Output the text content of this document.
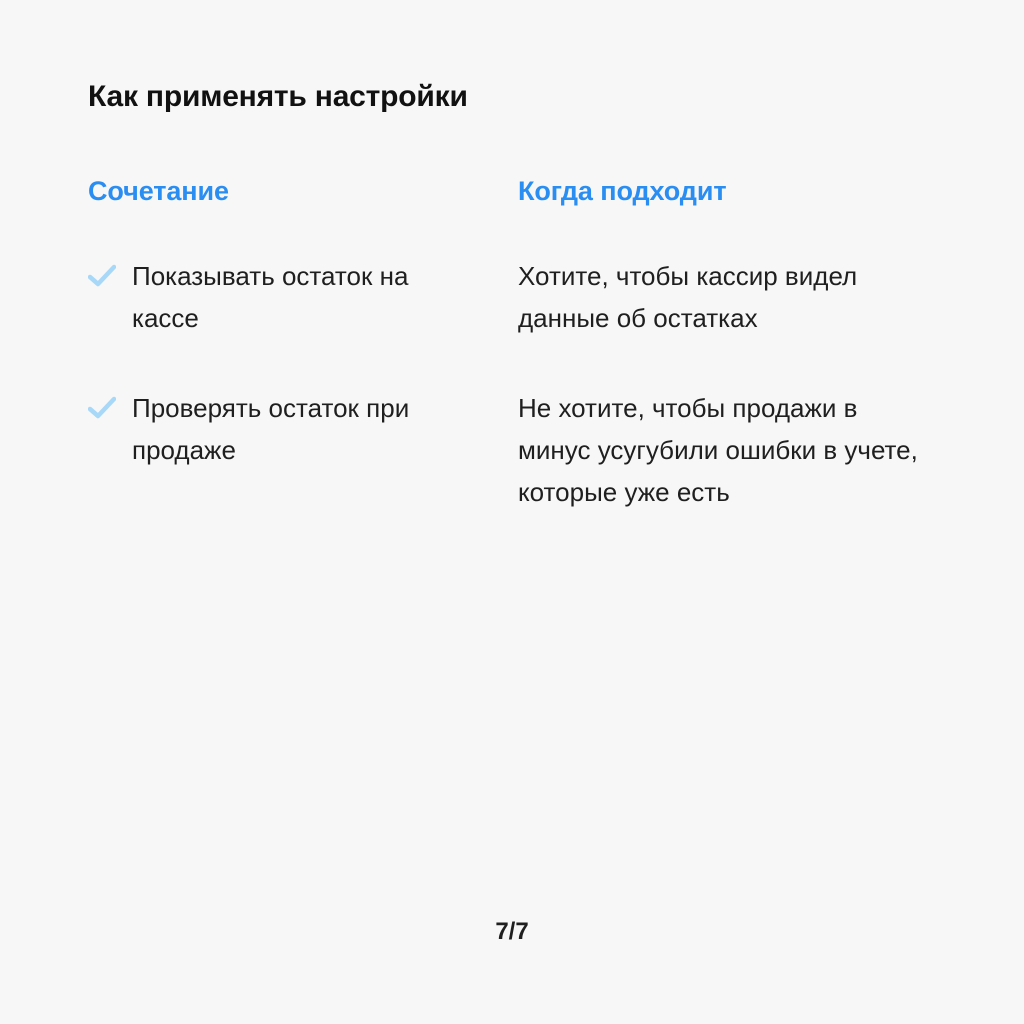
Как применять настройки
Сочетание	Когда подходит
Показывать остаток на кассе
Хотите, чтобы кассир видел данные об остатках
Проверять остаток при продаже
Не хотите, чтобы продажи в минус усугубили ошибки в учете, которые уже есть
7/7
